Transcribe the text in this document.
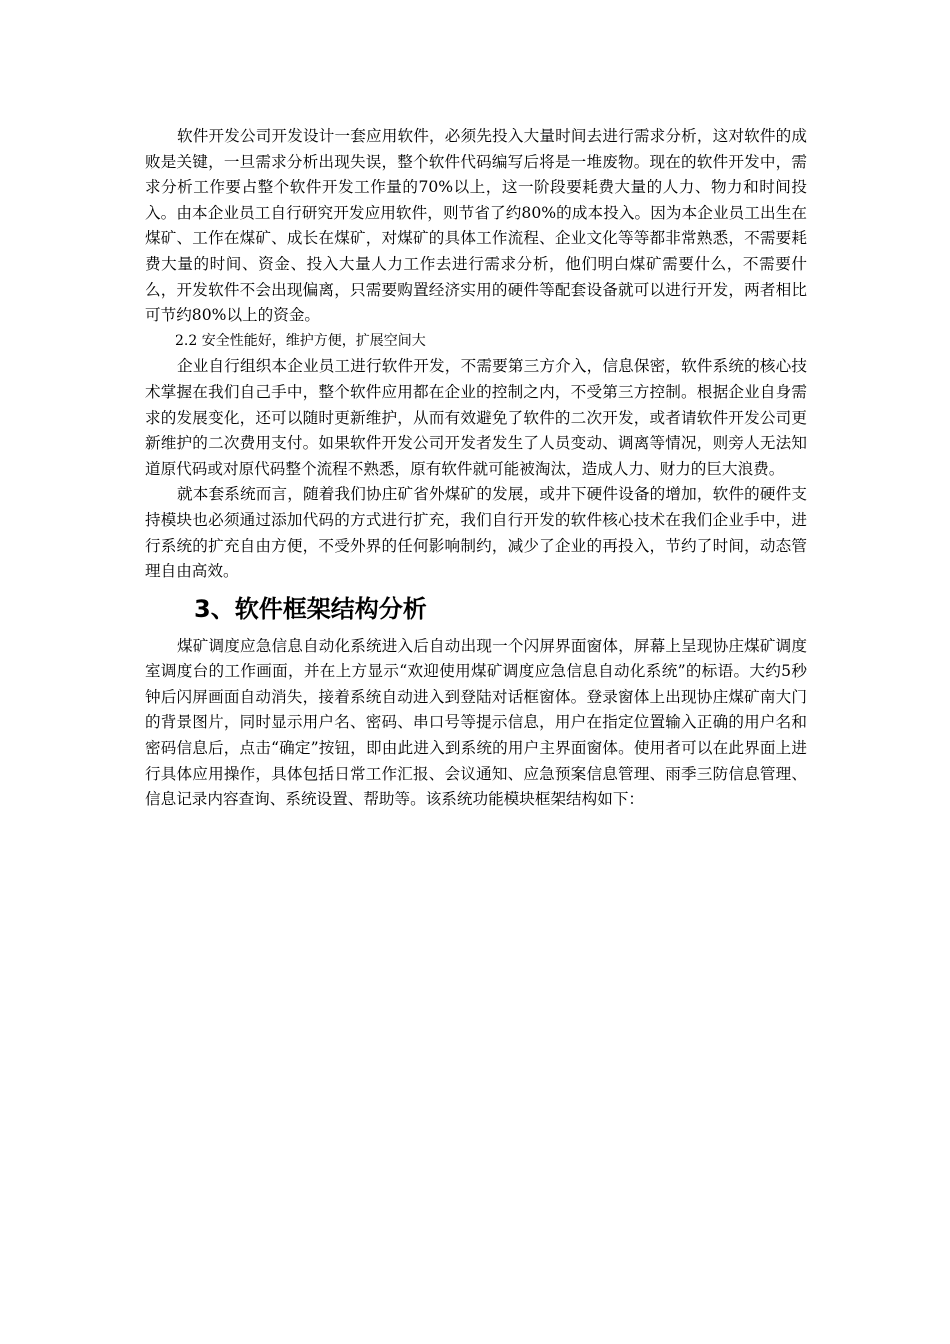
软件开发公司开发设计一套应用软件，必须先投入大量时间去进行需求分析，这对软件的成败是关键，一旦需求分析出现失误，整个软件代码编写后将是一堆废物。现在的软件开发中，需求分析工作要占整个软件开发工作量的70%以上，这一阶段要耗费大量的人力、物力和时间投入。由本企业员工自行研究开发应用软件，则节省了约80%的成本投入。因为本企业员工出生在煤矿、工作在煤矿、成长在煤矿，对煤矿的具体工作流程、企业文化等等都非常熟悉，不需要耗费大量的时间、资金、投入大量人力工作去进行需求分析，他们明白煤矿需要什么，不需要什么，开发软件不会出现偏离，只需要购置经济实用的硬件等配套设备就可以进行开发，两者相比可节约80%以上的资金。

2.2 安全性能好，维护方便，扩展空间大

企业自行组织本企业员工进行软件开发，不需要第三方介入，信息保密，软件系统的核心技术掌握在我们自己手中，整个软件应用都在企业的控制之内，不受第三方控制。根据企业自身需求的发展变化，还可以随时更新维护，从而有效避免了软件的二次开发，或者请软件开发公司更新维护的二次费用支付。如果软件开发公司开发者发生了人员变动、调离等情况，则旁人无法知道原代码或对原代码整个流程不熟悉，原有软件就可能被淘汰，造成人力、财力的巨大浪费。

就本套系统而言，随着我们协庄矿省外煤矿的发展，或井下硬件设备的增加，软件的硬件支持模块也必须通过添加代码的方式进行扩充，我们自行开发的软件核心技术在我们企业手中，进行系统的扩充自由方便，不受外界的任何影响制约，减少了企业的再投入，节约了时间，动态管理自由高效。

3、软件框架结构分析

煤矿调度应急信息自动化系统进入后自动出现一个闪屏界面窗体，屏幕上呈现协庄煤矿调度室调度台的工作画面，并在上方显示“欢迎使用煤矿调度应急信息自动化系统”的标语。大约5秒钟后闪屏画面自动消失，接着系统自动进入到登陆对话框窗体。登录窗体上出现协庄煤矿南大门的背景图片，同时显示用户名、密码、串口号等提示信息，用户在指定位置输入正确的用户名和密码信息后，点击“确定”按钮，即由此进入到系统的用户主界面窗体。使用者可以在此界面上进行具体应用操作，具体包括日常工作汇报、会议通知、应急预案信息管理、雨季三防信息管理、信息记录内容查询、系统设置、帮助等。该系统功能模块框架结构如下：
